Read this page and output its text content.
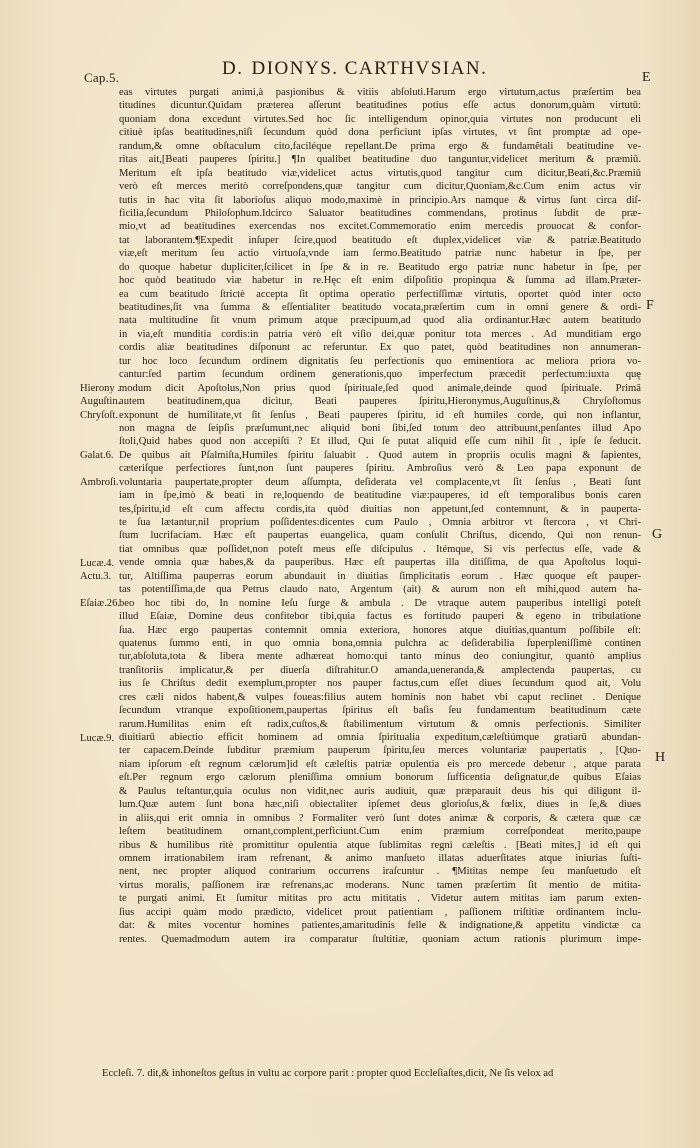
Cap.5.	D. DIONYS. CARTHVSIAN.	E
F
G
H
eas virtutes purgati animi,à pasȷionibus & vitiis abſoluti.Harum ergo virtutum,actus præſertim bea
titudines dicuntur.Quidam præterea aſſerunt beatitudines potius eſſe actus donorum,quàm virtutū:
quoniam dona excedunt virtutes.Sed hoc ſic intelligendum opinor,quia virtutes non producunt eli
citiuè ipſas beatitudines,niſi ſecundum quòd dona perficiunt ipſas virtutes, vt ſint promptæ ad ope-
randum,& omne obſtaculum cito,faciléque repellant.De prima ergo & fundamẽtali beatitudine ve-
ritas ait,[Beati pauperes ſpiritu.] ¶In qualibet beatitudine duo tanguntur,videlicet meritum & præmiū.
Meritum eſt ipſa beatitudo viæ,videlicet actus virtutis,quod tangitur cum dicitur,Beati,&c.Præmiū
verò eſt merces meritò correſpondens,quæ tangitur cum dicitur,Quoniam,&c.Cum enim actus vir
tutis in hac vita ſit laborioſus aliquo modo,maximè in principio.Ars namque & virtus ſunt circa diſ-
ficilia,ſecundum Philoſophum.Idcirco Saluator beatitudines commendans, protinus ſubdit de præ-
mio,vt ad beatitudines exercendas nos excitet.Commemoratio enim mercedis prouocat & confor-
tat laborantem.¶Expedit inſuper ſcire,quod beatitudo eſt duplex,videlicet viæ & patriæ.Beatitudo
viæ,eſt meritum ſeu actio virtuoſa,vnde iam ſermo.Beatitudo patriæ nunc habetur in ſpe, per
do quoque habetur dupliciter,ſcilicet in ſpe & in re. Beatitudo ergo patriæ nunc habetur in ſpe, per
hoc quòd beatitudo viæ habetur in re.Hęc eſt enim diſpoſitio propinqua & ſumma ad illam.Præter-
ea cum beatitudo ſtrictè accepta ſit optima operatio perfectiſſimæ virtutis, oportet quòd inter octo
beatitudines,ſit vna ſumma & eſſentialiter beatitudo vocata,præſertim cum in omni genere & ordi-
nata multitudine ſit vnum primum atque præcipuum,ad quod alia ordinantur.Hæc autem beatitudo
in via,eſt munditia cordis:in patria verò eſt viſio dei,quæ ponitur tota merces . Ad munditiam ergo
cordis aliæ beatitudines diſponunt ac referuntur. Ex quo patet, quòd beatitudines non annumeran-
tur hoc loco ſecundum ordinem dignitatis ſeu perfectionis quo eminentiora ac meliora priora vo-
cantur:ſed partim ſecundum ordinem generationis,quo imperfectum præcedit perfectum:iuxta quę
modum dicit Apoſtolus,Non prius quod ſpirituale,ſed quod animale,deinde quod ſpirituale. Primā
autem beatitudinem,qua dicitur, Beati pauperes ſpiritu,Hieronymus,Auguſtinus,& Chryſoſtomus
exponunt de humilitate,vt ſit ſenſus , Beati pauperes ſpiritu, id eſt humiles corde, qui non inflantur,
non magna de ſeipſis præſumunt,nec aliquid boni ſibi,ſed totum deo attribuunt,penſantes illud Apo
ſtoli,Quid habes quod non accepiſti ? Et illud, Qui ſe putat aliquid eſſe cum nihil ſit , ipſe ſe ſeducit.
De quibus ait Pſalmiſta,Humiles ſpiritu ſaluabit . Quod autem in propriis oculis magni & ſapientes,
cæteriſque perfectiores ſunt,non ſunt pauperes ſpiritu. Ambroſius verò & Leo papa exponunt de
voluntaria paupertate,propter deum aſſumpta, deſiderata vel complacente,vt ſit ſenſus , Beati ſunt
iam in ſpe,imò & beati in re,loquendo de beatitudine viæ:pauperes, id eſt temporalibus bonis caren
tes,ſpiritu,id eſt cum affectu cordis,ita quòd diuitias non appetunt,ſed contemnunt, & in pauperta-
te ſua lætantur,nil proprium poſſidentes:dicentes cum Paulo , Omnia arbitror vt ſtercora , vt Chri-
ſtum lucrifaciam. Hæc eſt paupertas euangelica, quam conſulit Chriſtus, dicendo, Qui non renun-
tiat omnibus quæ poſſidet,non poteſt meus eſſe diſcipulus . Itémque, Si vis perfectus eſſe, vade &
vende omnia quæ habes,& da pauperibus. Hæc eſt paupertas illa ditiſſima, de qua Apoſtolus loqui-
tur, Altiſſima pauperras eorum abundauit in diuitias ſimplicitatis eorum . Hæc quoque eſt pauper-
tas potentiſſima,de qua Petrus claudo nato, Argentum (ait) & aurum non eſt mihi,quod autem ha-
beo hoc tibi do, In nomine Ieſu ſurge & ambula . De vtraque autem pauperibus intelligi poteſt
illud Eſaiæ, Domine deus confitebor tibi,quia factus es fortitudo pauperi & egeno in tribulatione
ſua. Hæc ergo paupertas contemnit omnia exteriora, honores atque diuitias,quantum poſſibile eſt:
quatenus ſummo enti, in quo omnia bona,omnia pulchra ac deſiderabilia ſuperpleniſſimè continen
tur,abſoluta,tota & libera mente adhæreat homo:qui tanto minus deo coniungitur, quantò amplius
tranſitoriis implicatur,& per diuerſa diſtrahitur.O amanda,ueneranda,& amplectenda paupertas, cu
ius ſe Chriſtus dedit exemplum,propter nos pauper factus,cum eſſet diues ſecundum quod ait, Volu
cres cæli nidos habent,& vulpes foueas:filius autem hominis non habet vbi caput reclinet . Denique
ſecundum vtranque expoſitionem,paupertas ſpiritus eſt baſis ſeu fundamentum beatitudinum cæte
rarum.Humilitas enim eſt radix,cuſtos,& ſtabilimentum virtutum & omnis perfectionis. Similiter
diuitiarū abiectio efficit hominem ad omnia ſpiritualia expeditum,cæleſtiúmque gratiarū abundan-
ter capacem.Deinde ſubditur præmium pauperum ſpiritu,ſeu merces voluntariæ paupertatis , [Quo-
niam ipſorum eſt regnum cælorum]id eſt cæleſtis patriæ opulentia eis pro mercede debetur , atque parata
eſt.Per regnum ergo cælorum pleniſſima omnium bonorum ſufficentia deſignatur,de quibus Eſaias
& Paulus teſtantur,quia oculus non vidit,nec auris audiuit, quæ præparauit deus his qui diligunt il-
lum.Quæ autem ſunt bona hæc,niſi obiectaliter ipſemet deus glorioſus,& fœlix, diues in ſe,& diues
in aliis,qui erit omnia in omnibus ? Formaliter verò ſunt dotes animæ & corporis, & cætera quæ cæ
leſtem beatitudinem ornant,complent,perficiunt.Cum enim præmium correſpondeat merito,paupe
ribus & humilibus ritè promittitur opulentia atque ſublimitas regni cæleſtis . [Beati mites,] id eſt qui
omnem irrationabilem iram refrenant, & animo manſueto illatas aduerſitates atque iniurias ſuſti-
nent, nec propter aliquod contrarium occurrens iraſcuntur . ¶Mititas nempe ſeu manſuetudo eſt
virtus moralis, paſſionem iræ refrenans,ac moderans. Nunc tamen præſertim ſit mentio de mitita-
te purgati animi. Et ſumitur mititas pro actu mititatis . Videtur autem mititas iam parum exten-
ſius accipi quàm modo prædicto, videlicet prout patientiam , paſſionem triſtitiæ ordinantem inclu-
dat: & mites vocentur homines patientes,amaritudinis felle & indignatione,& appetitu vindictæ ca
rentes. Quemadmodum autem ira comparatur ſtultitiæ, quoniam actum rationis plurimum impe-
Hierony .
Auguſtin.
Chryſoſt.
Galat.6.
Ambroſi.
Lucæ.4.
Actu.3.
Eſaiæ.26.
Lucæ.9.
Eccleſi. 7. dit,& inhoneſtos geſtus in vultu ac corpore parit : propter quod Eccleſiaſtes,dicit, Ne ſis velox ad
